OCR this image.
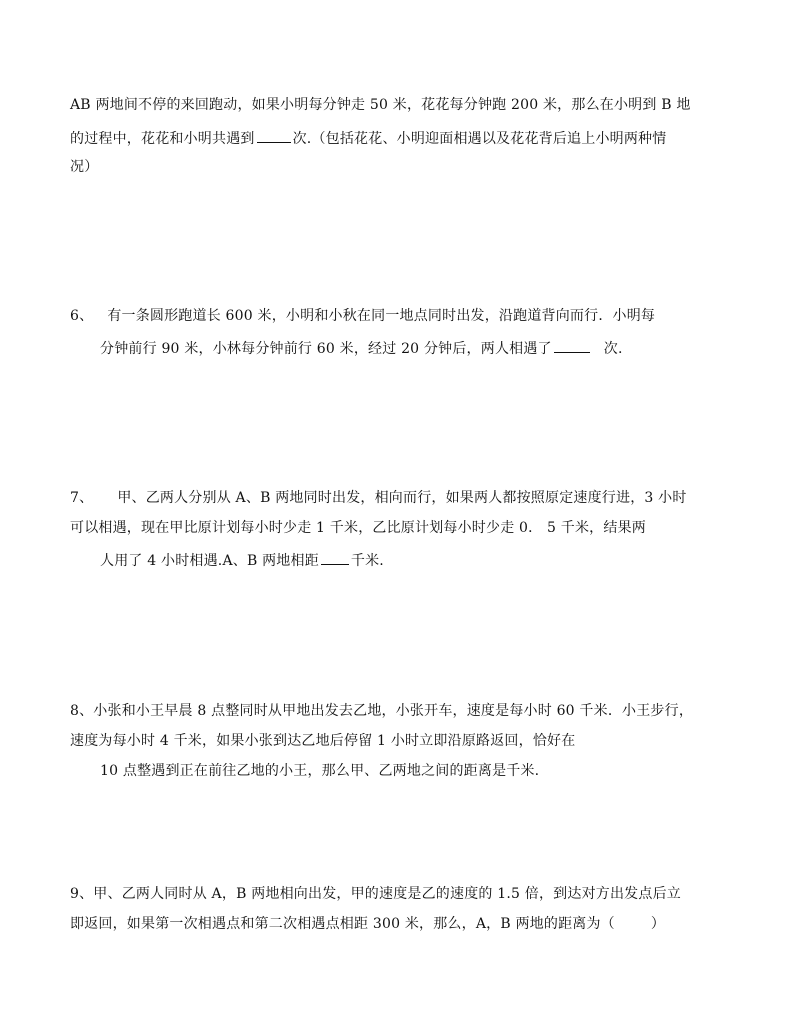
AB 两地间不停的来回跑动，如果小明每分钟走 50 米，花花每分钟跑 200 米，那么在小明到 B 地
的过程中，花花和小明共遇到	次.（包括花花、小明迎面相遇以及花花背后追上小明两种情
况）
6、 有一条圆形跑道长 600 米，小明和小秋在同一地点同时出发，沿跑道背向而行．小明每
分钟前行 90 米，小林每分钟前行 60 米，经过 20 分钟后，两人相遇了	次.
7、 甲、乙两人分别从 A、B 两地同时出发，相向而行，如果两人都按照原定速度行进，3 小时
可以相遇，现在甲比原计划每小时少走 1 千米，乙比原计划每小时少走 0． 5 千米，结果两
人用了 4 小时相遇.A、B 两地相距 千米.
8、小张和小王早晨 8 点整同时从甲地出发去乙地，小张开车，速度是每小时 60 千米．小王步行，
速度为每小时 4 千米，如果小张到达乙地后停留 1 小时立即沿原路返回，恰好在
10 点整遇到正在前往乙地的小王，那么甲、乙两地之间的距离是千米.
9、甲、乙两人同时从 A，B 两地相向出发，甲的速度是乙的速度的 1.5 倍，到达对方出发点后立
即返回，如果第一次相遇点和第二次相遇点相距 300 米，那么，A，B 两地的距离为（	）
